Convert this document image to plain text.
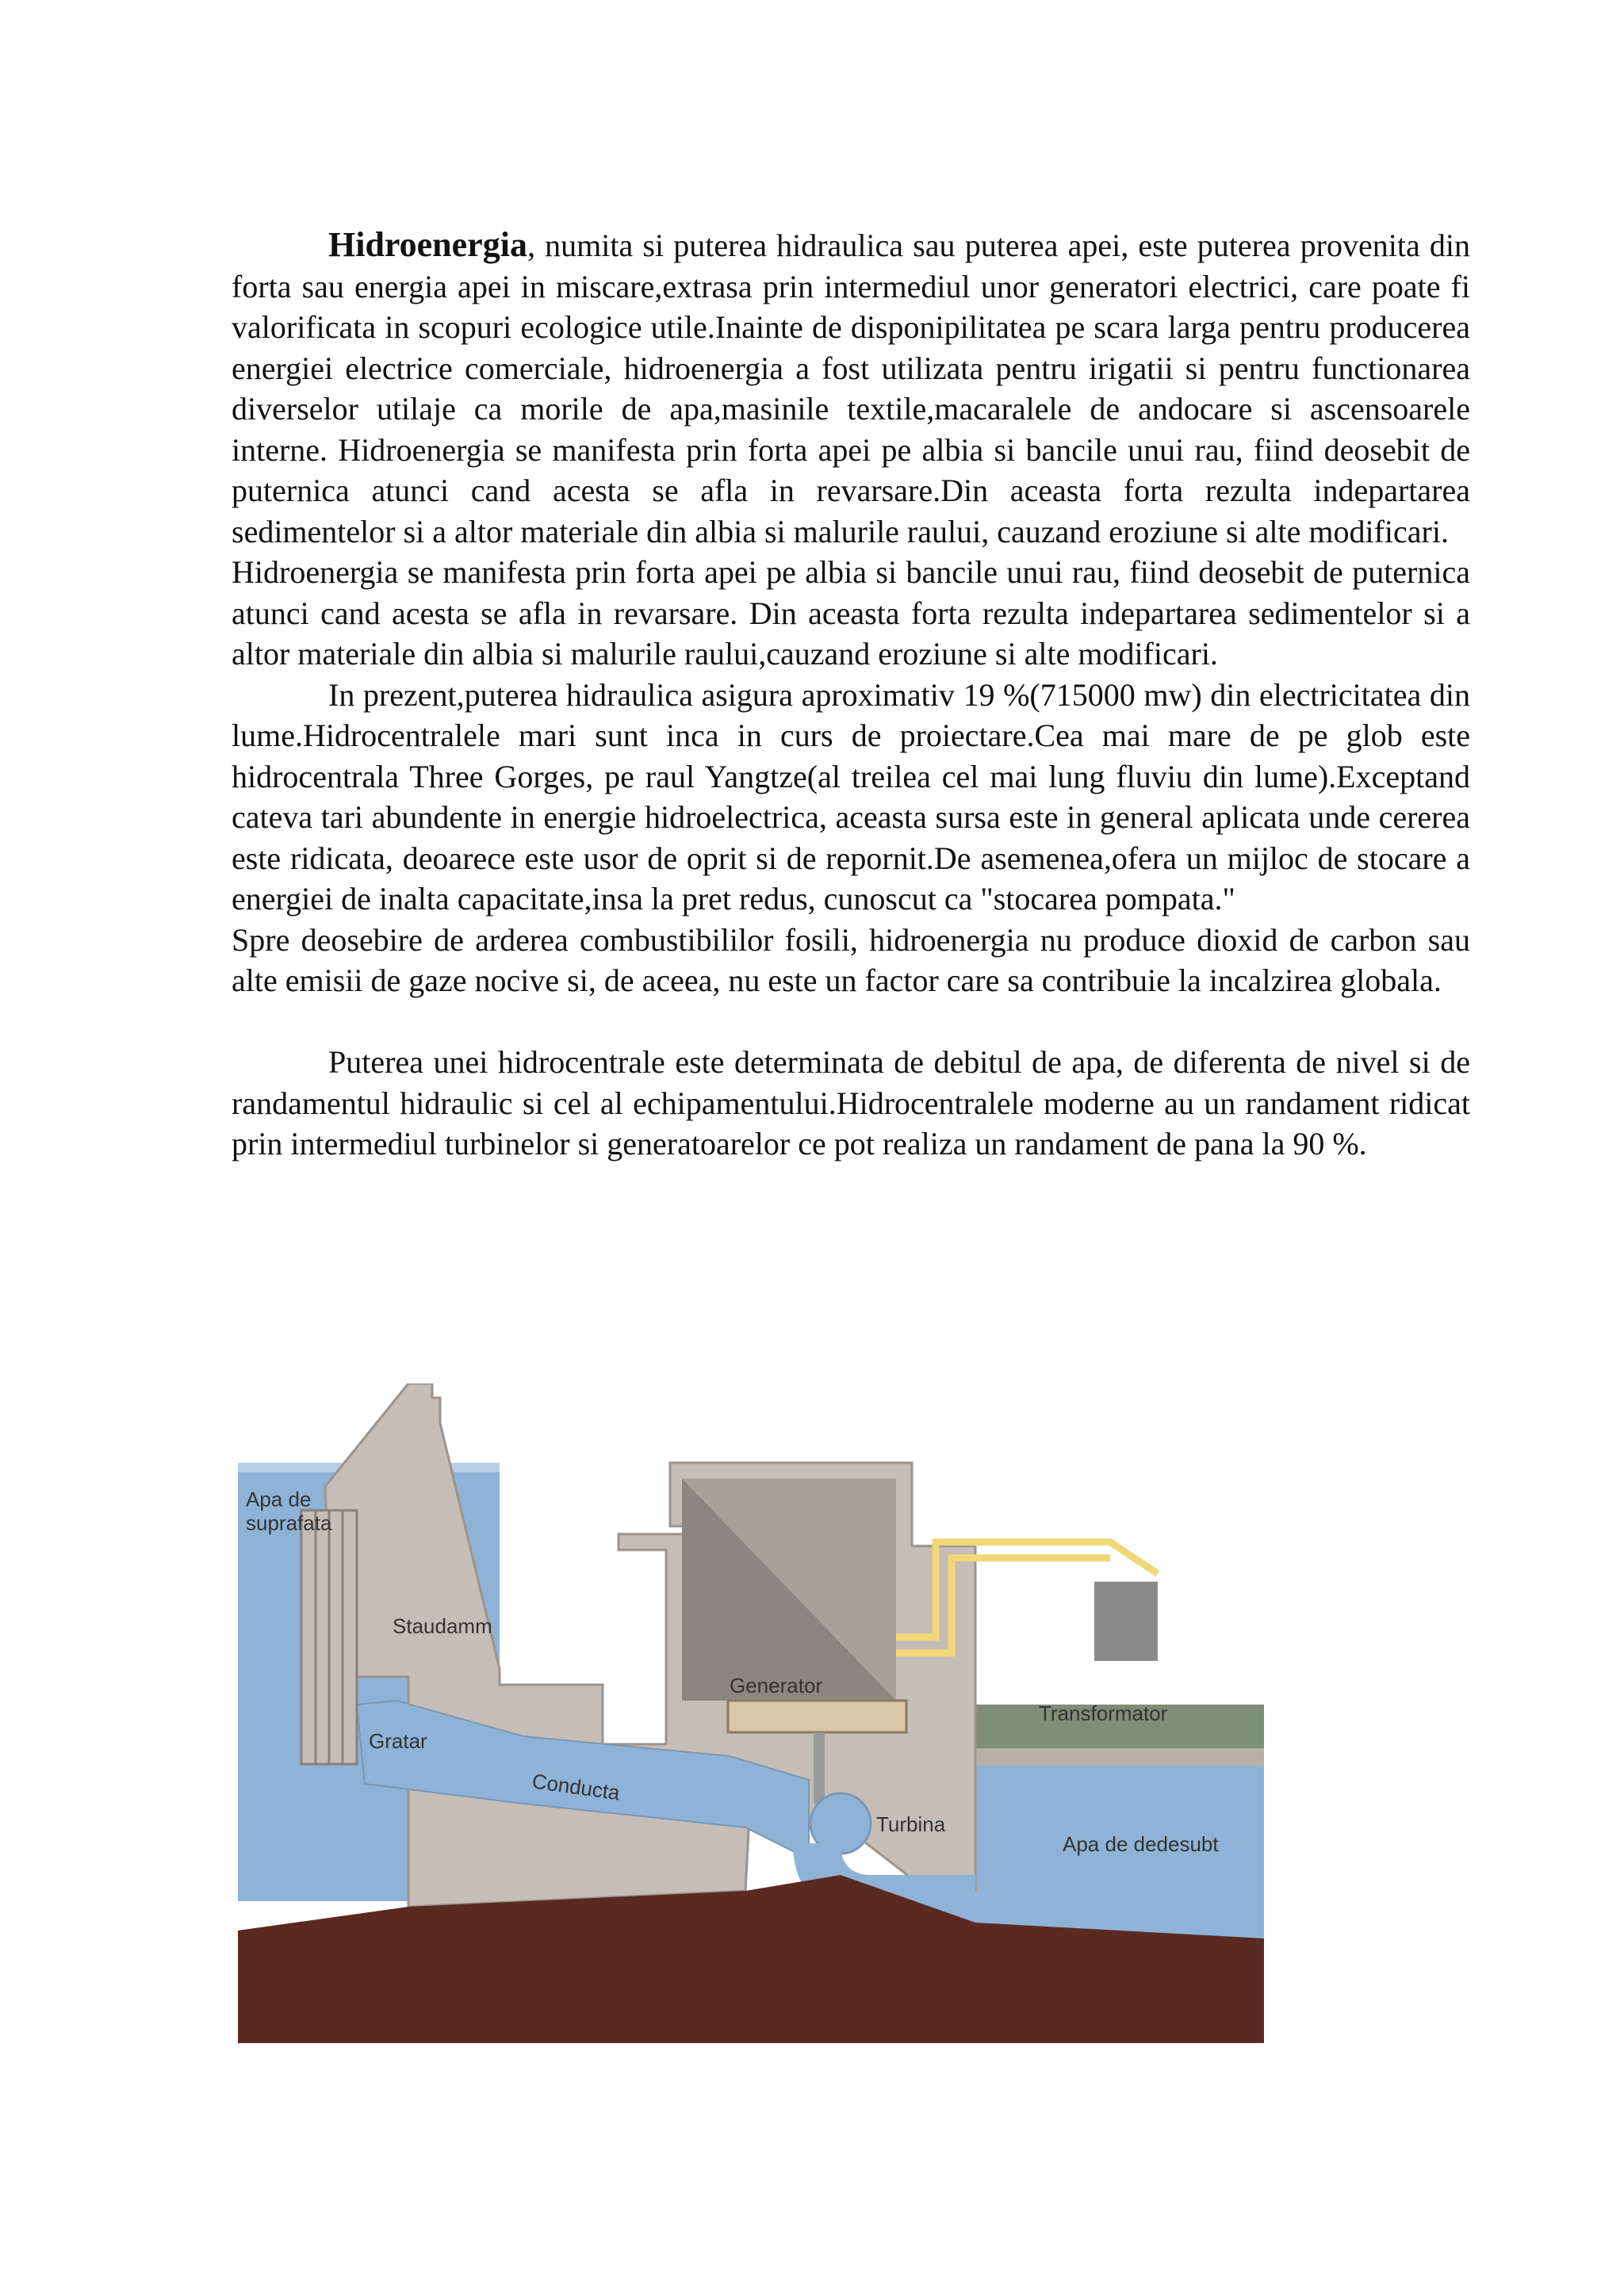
Hidroenergia, numita si puterea hidraulica sau puterea apei, este puterea provenita din forta sau energia apei in miscare,extrasa prin intermediul unor generatori electrici, care poate fi valorificata in scopuri ecologice utile.Inainte de disponipilitatea pe scara larga pentru producerea energiei electrice comerciale, hidroenergia a fost utilizata pentru irigatii si pentru functionarea diverselor utilaje ca morile de apa,masinile textile,macaralele de andocare si ascensoarele interne. Hidroenergia se manifesta prin forta apei pe albia si bancile unui rau, fiind deosebit de puternica atunci cand acesta se afla in revarsare.Din aceasta forta rezulta indepartarea sedimentelor si a altor materiale din albia si malurile raului, cauzand eroziune si alte modificari.

Hidroenergia se manifesta prin forta apei pe albia si bancile unui rau, fiind deosebit de puternica atunci cand acesta se afla in revarsare. Din aceasta forta rezulta indepartarea sedimentelor si a altor materiale din albia si malurile raului,cauzand eroziune si alte modificari.

In prezent,puterea hidraulica asigura aproximativ 19 %(715000 mw) din electricitatea din lume.Hidrocentralele mari sunt inca in curs de proiectare.Cea mai mare de pe glob este hidrocentrala Three Gorges, pe raul Yangtze(al treilea cel mai lung fluviu din lume).Exceptand cateva tari abundente in energie hidroelectrica, aceasta sursa este in general aplicata unde cererea este ridicata, deoarece este usor de oprit si de repornit.De asemenea,ofera un mijloc de stocare a energiei de inalta capacitate,insa la pret redus, cunoscut ca "stocarea pompata."

Spre deosebire de arderea combustibililor fosili, hidroenergia nu produce dioxid de carbon sau alte emisii de gaze nocive si, de aceea, nu este un factor care sa contribuie la incalzirea globala.

Puterea unei hidrocentrale este determinata de debitul de apa, de diferenta de nivel si de randamentul hidraulic si cel al echipamentului.Hidrocentralele moderne au un randament ridicat prin intermediul turbinelor si generatoarelor ce pot realiza un randament de pana la 90 %.

Apa de
suprafata
Staudamm
Gratar
Conducta
Generator
Turbina
Transformator
Apa de dedesubt
